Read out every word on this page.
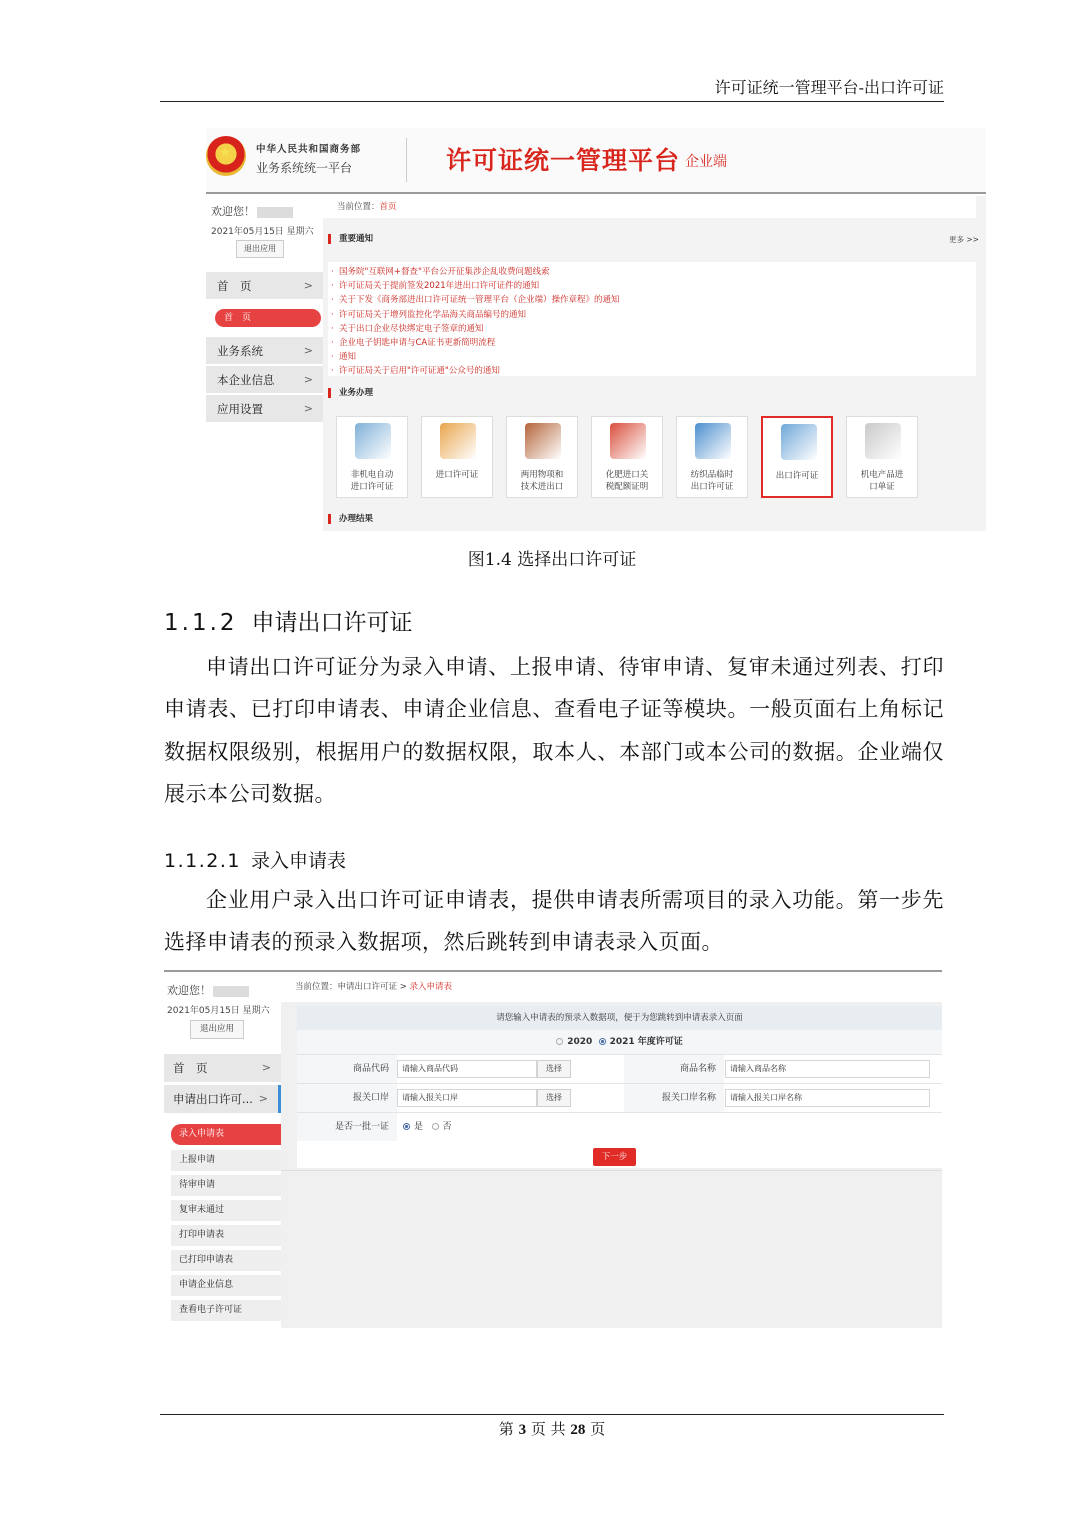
许可证统一管理平台-出口许可证
★
中华人民共和国商务部
业务系统统一平台	许可证统一管理平台 企业端
欢迎您！
2021年05月15日 星期六
退出应用
首　页	>
首　页
业务系统	>
本企业信息	>
应用设置	>
当前位置：首页
重要通知	更多 >>
· 国务院"互联网+督查"平台公开征集涉企乱收费问题线索
· 许可证局关于提前签发2021年进出口许可证件的通知
· 关于下发《商务部进出口许可证统一管理平台（企业端）操作章程》的通知
· 许可证局关于增列监控化学品海关商品编号的通知
· 关于出口企业尽快绑定电子签章的通知
· 企业电子钥匙申请与CA证书更新简明流程
· 通知
· 许可证局关于启用"许可证通"公众号的通知
业务办理
非机电自动
进口许可证
进口许可证	两用物项和
技术进出口
化肥进口关
税配额证明
纺织品临时
出口许可证
出口许可证	机电产品进
口单证
办理结果
图1.4 选择出口许可证
1.1.2 申请出口许可证
申请出口许可证分为录入申请、上报申请、待审申请、复审未通过列表、打印申请表、已打印申请表、申请企业信息、查看电子证等模块。一般页面右上角标记数据权限级别，根据用户的数据权限，取本人、本部门或本公司的数据。企业端仅展示本公司数据。
1.1.2.1 录入申请表
企业用户录入出口许可证申请表，提供申请表所需项目的录入功能。第一步先选择申请表的预录入数据项，然后跳转到申请表录入页面。
欢迎您！
2021年05月15日 星期六
退出应用
首　页	>
申请出口许可... >
录入申请表
上报申请
待审申请
复审未通过
打印申请表
已打印申请表
申请企业信息
查看电子许可证
当前位置：申请出口许可证 > 录入申请表
请您输入申请表的预录入数据项，便于为您跳转到申请表录入页面
2020 2021 年度许可证
商品代码	请输入商品代码	选择	商品名称	请输入商品名称
报关口岸	请输入报关口岸	选择	报关口岸名称	请输入报关口岸名称
是否一批一证	是 否
下一步
第 3 页 共 28 页
